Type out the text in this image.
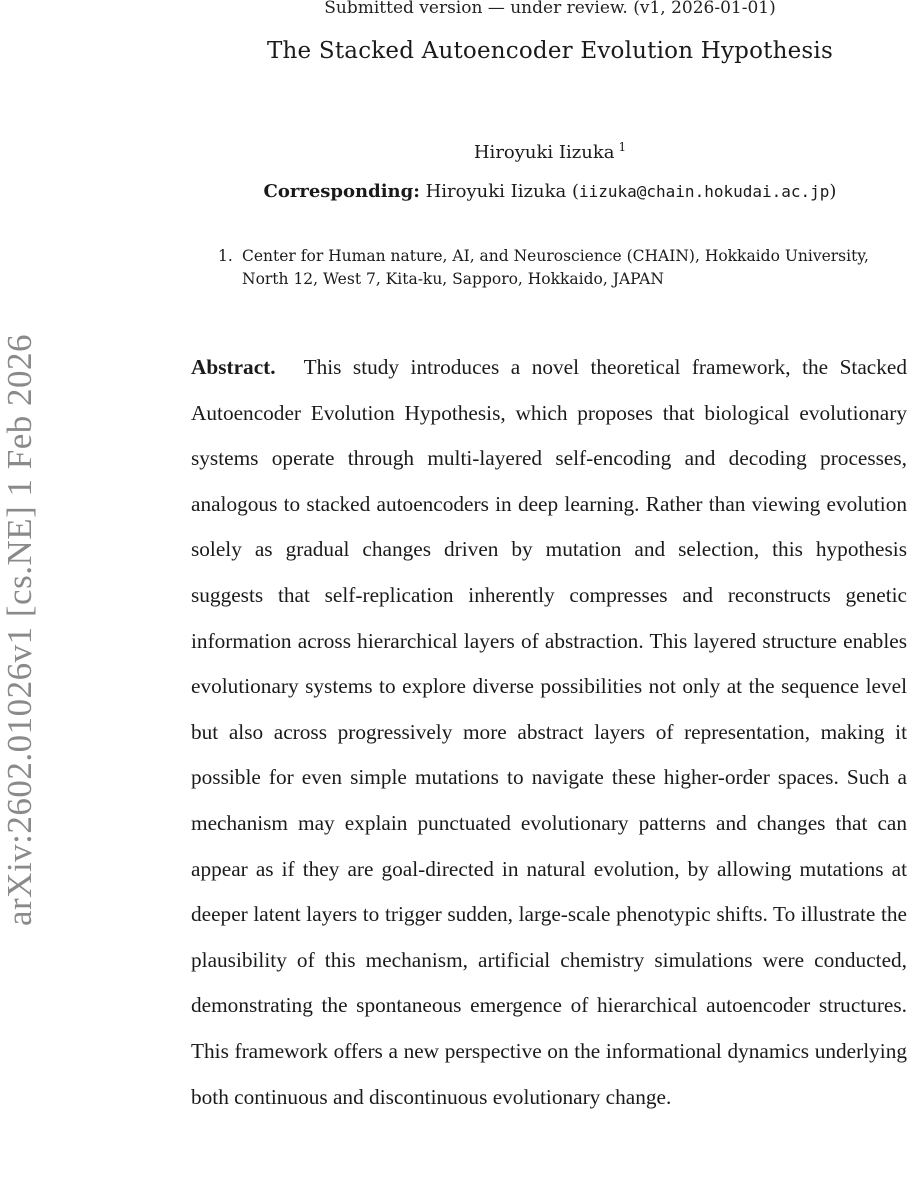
arXiv:2602.01026v1 [cs.NE] 1 Feb 2026
Submitted version — under review. (v1, 2026-01-01)
The Stacked Autoencoder Evolution Hypothesis
Hiroyuki Iizuka $^1$
Corresponding: Hiroyuki Iizuka (iizuka@chain.hokudai.ac.jp)
1. Center for Human nature, AI, and Neuroscience (CHAIN), Hokkaido University, North 12, West 7, Kita-ku, Sapporo, Hokkaido, JAPAN
Abstract. This study introduces a novel theoretical framework, the Stacked Autoencoder Evolution Hypothesis, which proposes that biological evolutionary systems operate through multi-layered self-encoding and decoding processes, analogous to stacked autoencoders in deep learning. Rather than viewing evolution solely as gradual changes driven by mutation and selection, this hypothesis suggests that self-replication inherently compresses and reconstructs genetic information across hierarchical layers of abstraction. This layered structure enables evolutionary systems to explore diverse possibilities not only at the sequence level but also across progressively more abstract layers of representation, making it possible for even simple mutations to navigate these higher-order spaces. Such a mechanism may explain punctuated evolutionary patterns and changes that can appear as if they are goal-directed in natural evolution, by allowing mutations at deeper latent layers to trigger sudden, large-scale phenotypic shifts. To illustrate the plausibility of this mechanism, artificial chemistry simulations were conducted, demonstrating the spontaneous emergence of hierarchical autoencoder structures. This framework offers a new perspective on the informational dynamics underlying both continuous and discontinuous evolutionary change.
